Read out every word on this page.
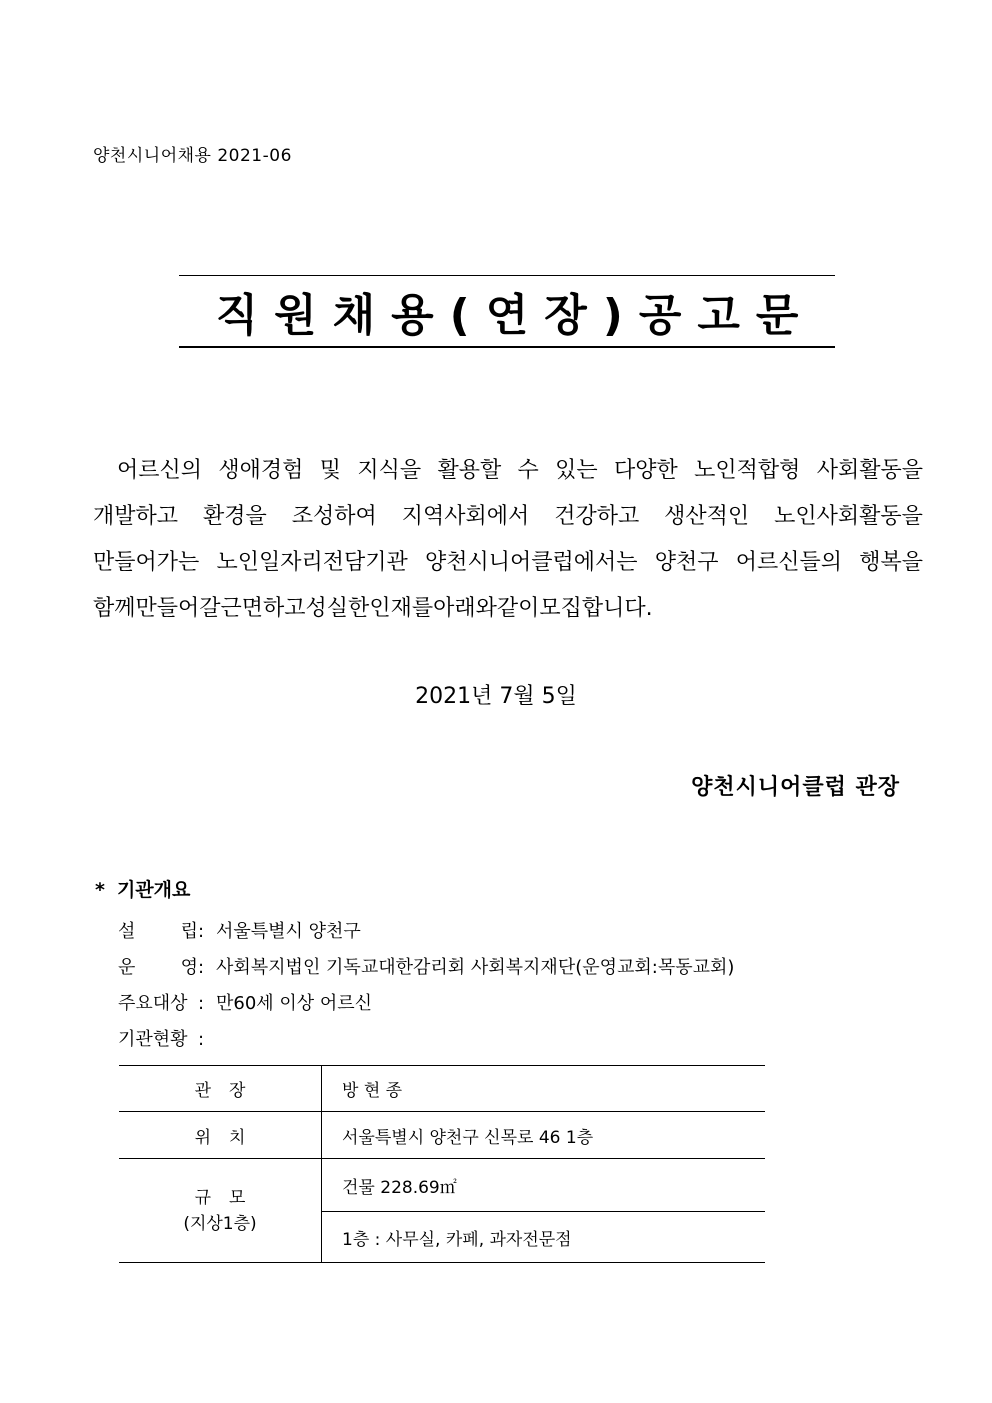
양천시니어채용 2021-06
직원채용(연장)공고문
어르신의 생애경험 및 지식을 활용할 수 있는 다양한 노인적합형 사회활동을
개발하고 환경을 조성하여 지역사회에서 건강하고 생산적인 노인사회활동을
만들어가는 노인일자리전담기관 양천시니어클럽에서는 양천구 어르신들의 행복을
함께 만들어갈 근면하고 성실한 인재를 아래와 같이 모집합니다.
2021년 7월 5일
양천시니어클럽 관장
* 기관개요
설	립 : 서울특별시 양천구
운	영 : 사회복지법인 기독교대한감리회 사회복지재단(운영교회:목동교회)
주요대상 : 만60세 이상 어르신
기관현황 :
관장	방 현 종
위치	서울특별시 양천구 신목로 46 1층

규모
(지상1층)	건물 228.69㎡
	1층 : 사무실, 카페, 과자전문점
